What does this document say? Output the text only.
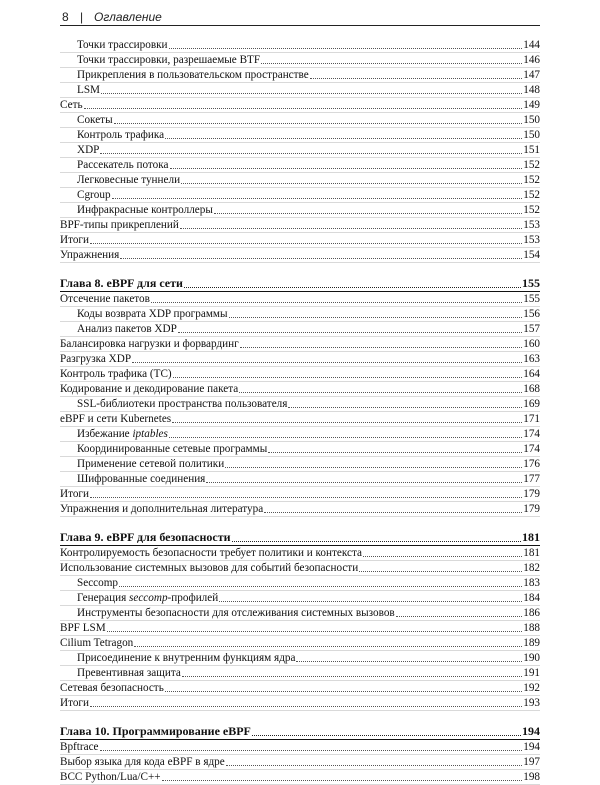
8 | Оглавление
Точки трассировки	144
Точки трассировки, разрешаемые BTF	146
Прикрепления в пользовательском пространстве	147
LSM	148
Сеть	149
Сокеты	150
Контроль трафика	150
XDP	151
Рассекатель потока	152
Легковесные туннели	152
Cgroup	152
Инфракрасные контроллеры	152
BPF-типы прикреплений	153
Итоги	153
Упражнения	154
Глава 8. eBPF для сети	155
Отсечение пакетов	155
Коды возврата XDP программы	156
Анализ пакетов XDP	157
Балансировка нагрузки и форвардинг	160
Разгрузка XDP	163
Контроль трафика (TC)	164
Кодирование и декодирование пакета	168
SSL-библиотеки пространства пользователя	169
eBPF и сети Kubernetes	171
Избежание iptables	174
Координированные сетевые программы	174
Применение сетевой политики	176
Шифрованные соединения	177
Итоги	179
Упражнения и дополнительная литература	179
Глава 9. eBPF для безопасности	181
Контролируемость безопасности требует политики и контекста	181
Использование системных вызовов для событий безопасности	182
Seccomp	183
Генерация seccomp-профилей	184
Инструменты безопасности для отслеживания системных вызовов	186
BPF LSM	188
Cilium Tetragon	189
Присоединение к внутренним функциям ядра	190
Превентивная защита	191
Сетевая безопасность	192
Итоги	193
Глава 10. Программирование eBPF	194
Bpftrace	194
Выбор языка для кода eBPF в ядре	197
BCC Python/Lua/C++	198
